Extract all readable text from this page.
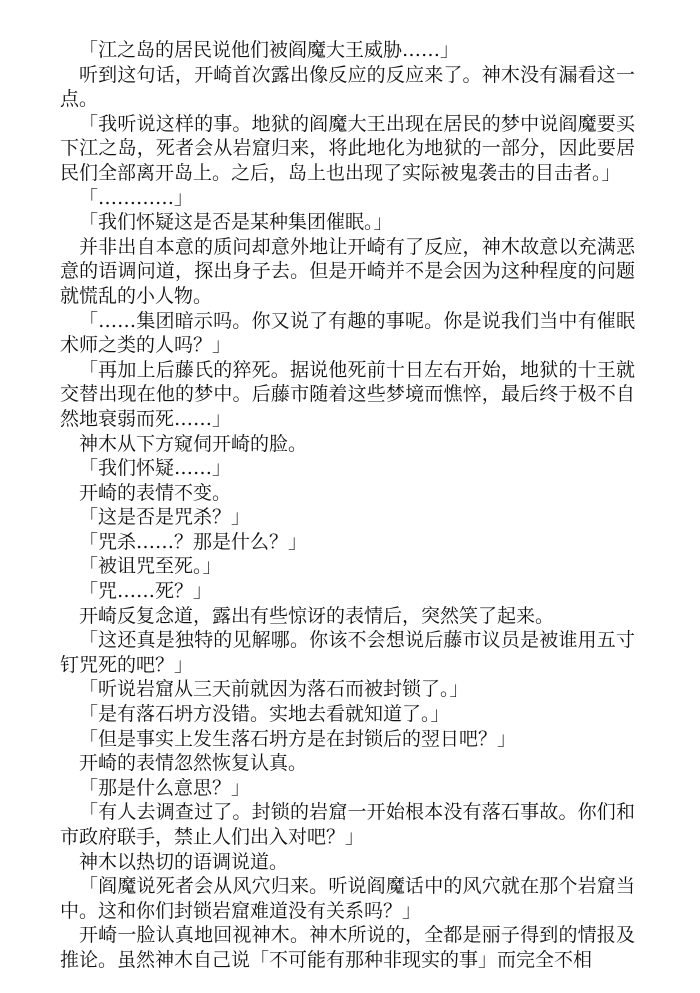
「江之岛的居民说他们被阎魔大王威胁……」

听到这句话，开崎首次露出像反应的反应来了。神木没有漏看这一点。

「我听说这样的事。地狱的阎魔大王出现在居民的梦中说阎魔要买下江之岛，死者会从岩窟归来，将此地化为地狱的一部分，因此要居民们全部离开岛上。之后，岛上也出现了实际被鬼袭击的目击者。」

「…………」

「我们怀疑这是否是某种集团催眠。」

并非出自本意的质问却意外地让开崎有了反应，神木故意以充满恶意的语调问道，探出身子去。但是开崎并不是会因为这种程度的问题就慌乱的小人物。

「……集团暗示吗。你又说了有趣的事呢。你是说我们当中有催眠术师之类的人吗？」

「再加上后藤氏的猝死。据说他死前十日左右开始，地狱的十王就交替出现在他的梦中。后藤市随着这些梦境而憔悴，最后终于极不自然地衰弱而死……」

神木从下方窥伺开崎的脸。

「我们怀疑……」

开崎的表情不变。

「这是否是咒杀？」

「咒杀……？那是什么？」

「被诅咒至死。」

「咒……死？」

开崎反复念道，露出有些惊讶的表情后，突然笑了起来。

「这还真是独特的见解哪。你该不会想说后藤市议员是被谁用五寸钉咒死的吧？」

「听说岩窟从三天前就因为落石而被封锁了。」

「是有落石坍方没错。实地去看就知道了。」

「但是事实上发生落石坍方是在封锁后的翌日吧？」

开崎的表情忽然恢复认真。

「那是什么意思？」

「有人去调查过了。封锁的岩窟一开始根本没有落石事故。你们和市政府联手，禁止人们出入对吧？」

神木以热切的语调说道。

「阎魔说死者会从风穴归来。听说阎魔话中的风穴就在那个岩窟当中。这和你们封锁岩窟难道没有关系吗？」

开崎一脸认真地回视神木。神木所说的，全都是丽子得到的情报及推论。虽然神木自己说「不可能有那种非现实的事」而完全不相
